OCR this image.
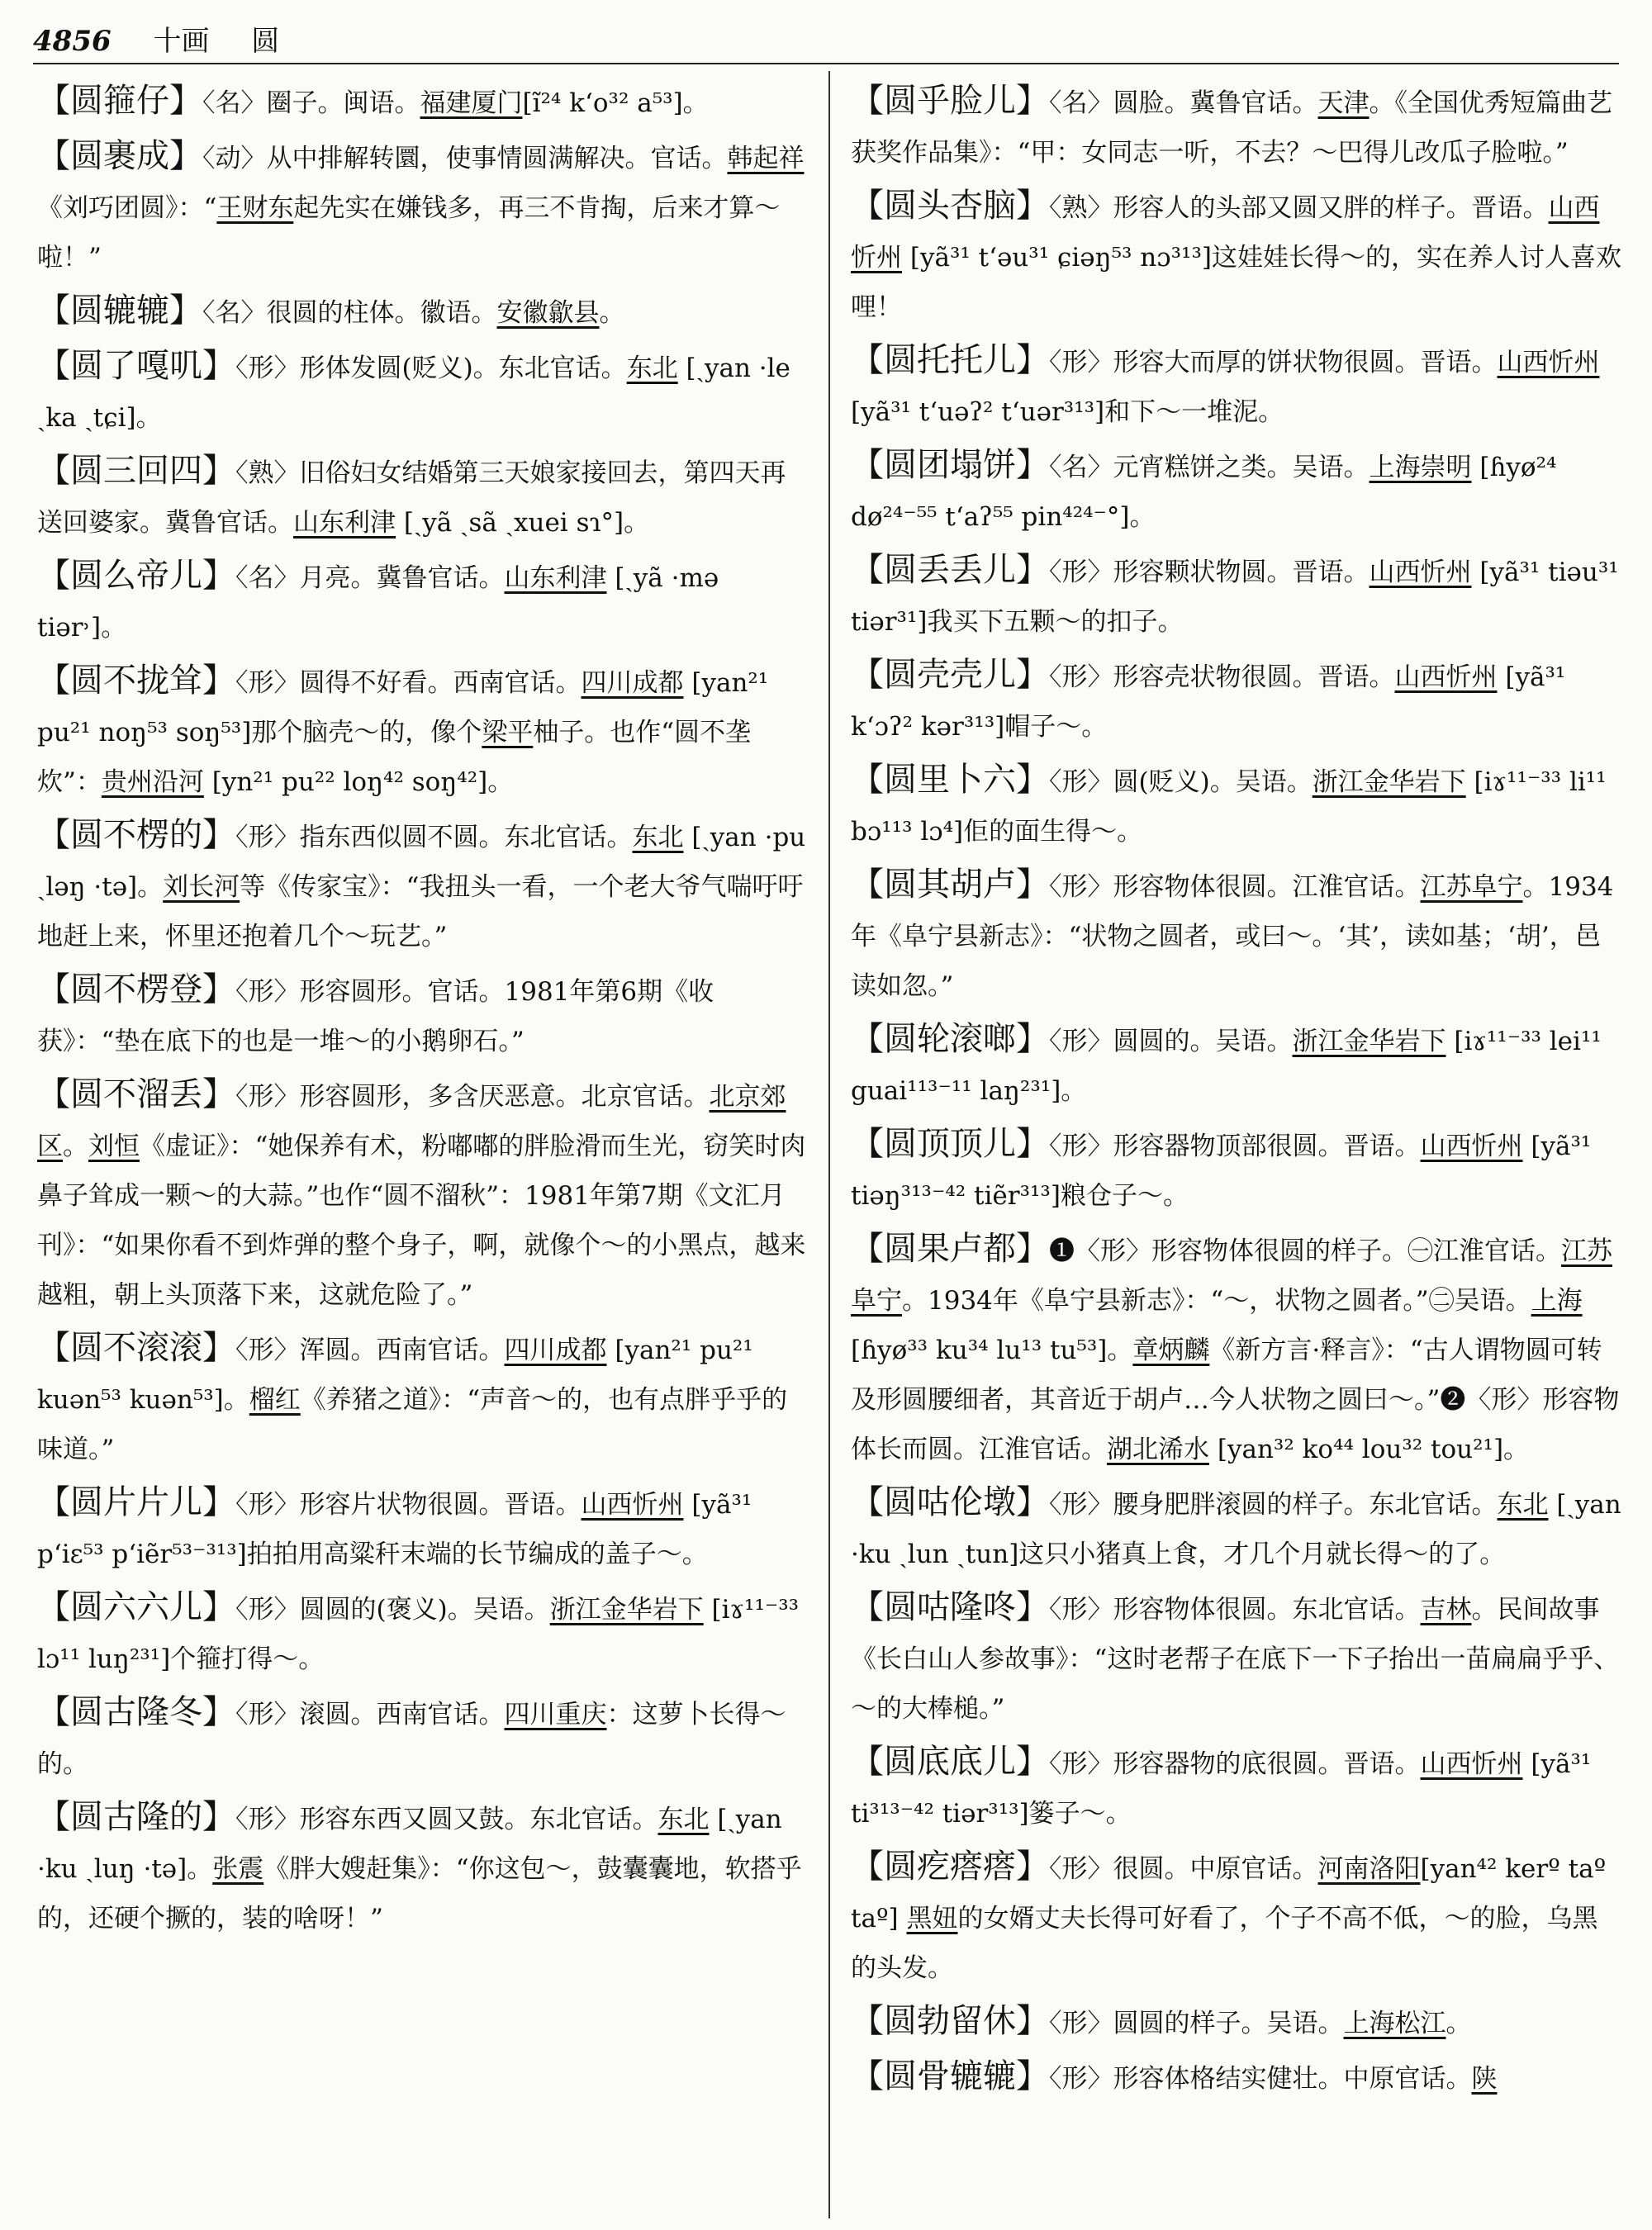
4856 十画 圆

【圆箍仔】〈名〉圈子。闽语。福建厦门[ĩ²⁴ kʻo³² a⁵³]。

【圆裹成】〈动〉从中排解转圜，使事情圆满解决。官话。韩起祥《刘巧团圆》：“王财东起先实在嫌钱多，再三不肯掏，后来才算～啦！”

【圆辘辘】〈名〉很圆的柱体。徽语。安徽歙县。

【圆了嘎叽】〈形〉形体发圆(贬义)。东北官话。东北 [ˏyan ·le ˏka ˏtɕi]。

【圆三回四】〈熟〉旧俗妇女结婚第三天娘家接回去，第四天再送回婆家。冀鲁官话。山东利津 [ˏyã ˏsã ˏxuei sɿ°]。

【圆么帝儿】〈名〉月亮。冀鲁官话。山东利津 [ˏyã ·mə tiər˒]。

【圆不拢耸】〈形〉圆得不好看。西南官话。四川成都 [yan²¹ pu²¹ noŋ⁵³ soŋ⁵³]那个脑壳～的，像个梁平柚子。也作“圆不垄炊”：贵州沿河 [yn²¹ pu²² loŋ⁴² soŋ⁴²]。

【圆不楞的】〈形〉指东西似圆不圆。东北官话。东北 [ˏyan ·pu ˏləŋ ·tə]。刘长河等《传家宝》：“我扭头一看，一个老大爷气喘吁吁地赶上来，怀里还抱着几个～玩艺。”

【圆不楞登】〈形〉形容圆形。官话。1981年第6期《收获》：“垫在底下的也是一堆～的小鹅卵石。”

【圆不溜丢】〈形〉形容圆形，多含厌恶意。北京官话。北京郊区。刘恒《虚证》：“她保养有术，粉嘟嘟的胖脸滑而生光，窃笑时肉鼻子耸成一颗～的大蒜。”也作“圆不溜秋”：1981年第7期《文汇月刊》：“如果你看不到炸弹的整个身子，啊，就像个～的小黑点，越来越粗，朝上头顶落下来，这就危险了。”

【圆不滚滚】〈形〉浑圆。西南官话。四川成都 [yan²¹ pu²¹ kuən⁵³ kuən⁵³]。榴红《养猪之道》：“声音～的，也有点胖乎乎的味道。”

【圆片片儿】〈形〉形容片状物很圆。晋语。山西忻州 [yã³¹ pʻiɛ⁵³ pʻiẽr⁵³⁻³¹³]拍拍用高粱秆末端的长节编成的盖子～。

【圆六六儿】〈形〉圆圆的(褒义)。吴语。浙江金华岩下 [iɤ¹¹⁻³³ lɔ¹¹ luŋ²³¹]个箍打得～。

【圆古隆冬】〈形〉滚圆。西南官话。四川重庆：这萝卜长得～的。

【圆古隆的】〈形〉形容东西又圆又鼓。东北官话。东北 [ˏyan ·ku ˏluŋ ·tə]。张震《胖大嫂赶集》：“你这包～，鼓囊囊地，软搭乎的，还硬个撅的，装的啥呀！”

【圆乎脸儿】〈名〉圆脸。冀鲁官话。天津。《全国优秀短篇曲艺获奖作品集》：“甲：女同志一听，不去？～巴得儿改瓜子脸啦。”

【圆头杏脑】〈熟〉形容人的头部又圆又胖的样子。晋语。山西忻州 [yã³¹ tʻəu³¹ ɕiəŋ⁵³ nɔ³¹³]这娃娃长得～的，实在养人讨人喜欢哩！

【圆托托儿】〈形〉形容大而厚的饼状物很圆。晋语。山西忻州 [yã³¹ tʻuəʔ² tʻuər³¹³]和下～一堆泥。

【圆团塌饼】〈名〉元宵糕饼之类。吴语。上海崇明 [ɦyø²⁴ dø²⁴⁻⁵⁵ tʻaʔ⁵⁵ pin⁴²⁴⁻°]。

【圆丢丢儿】〈形〉形容颗状物圆。晋语。山西忻州 [yã³¹ tiəu³¹ tiər³¹]我买下五颗～的扣子。

【圆壳壳儿】〈形〉形容壳状物很圆。晋语。山西忻州 [yã³¹ kʻɔʔ² kər³¹³]帽子～。

【圆里卜六】〈形〉圆(贬义)。吴语。浙江金华岩下 [iɤ¹¹⁻³³ li¹¹ bɔ¹¹³ lɔ⁴]佢的面生得～。

【圆其胡卢】〈形〉形容物体很圆。江淮官话。江苏阜宁。1934年《阜宁县新志》：“状物之圆者，或曰～。‘其’，读如基；‘胡’，邑读如忽。”

【圆轮滚啷】〈形〉圆圆的。吴语。浙江金华岩下 [iɤ¹¹⁻³³ lei¹¹ guai¹¹³⁻¹¹ laŋ²³¹]。

【圆顶顶儿】〈形〉形容器物顶部很圆。晋语。山西忻州 [yã³¹ tiəŋ³¹³⁻⁴² tiẽr³¹³]粮仓子～。

【圆果卢都】❶〈形〉形容物体很圆的样子。㊀江淮官话。江苏阜宁。1934年《阜宁县新志》：“～，状物之圆者。”㊁吴语。上海[ɦyø³³ ku³⁴ lu¹³ tu⁵³]。章炳麟《新方言·释言》：“古人谓物圆可转及形圆腰细者，其音近于胡卢…今人状物之圆曰～。”❷〈形〉形容物体长而圆。江淮官话。湖北浠水 [yan³² ko⁴⁴ lou³² tou²¹]。

【圆咕伦墩】〈形〉腰身肥胖滚圆的样子。东北官话。东北 [ˏyan ·ku ˏlun ˏtun]这只小猪真上食，才几个月就长得～的了。

【圆咕隆咚】〈形〉形容物体很圆。东北官话。吉林。民间故事《长白山人参故事》：“这时老帮子在底下一下子抬出一苗扁扁乎乎、～的大棒槌。”

【圆底底儿】〈形〉形容器物的底很圆。晋语。山西忻州 [yã³¹ ti³¹³⁻⁴² tiər³¹³]篓子～。

【圆疙瘩瘩】〈形〉很圆。中原官话。河南洛阳[yan⁴² kerº taº taº] 黑妞的女婿丈夫长得可好看了，个子不高不低，～的脸，乌黑的头发。

【圆勃留休】〈形〉圆圆的样子。吴语。上海松江。

【圆骨辘辘】〈形〉形容体格结实健壮。中原官话。陕
